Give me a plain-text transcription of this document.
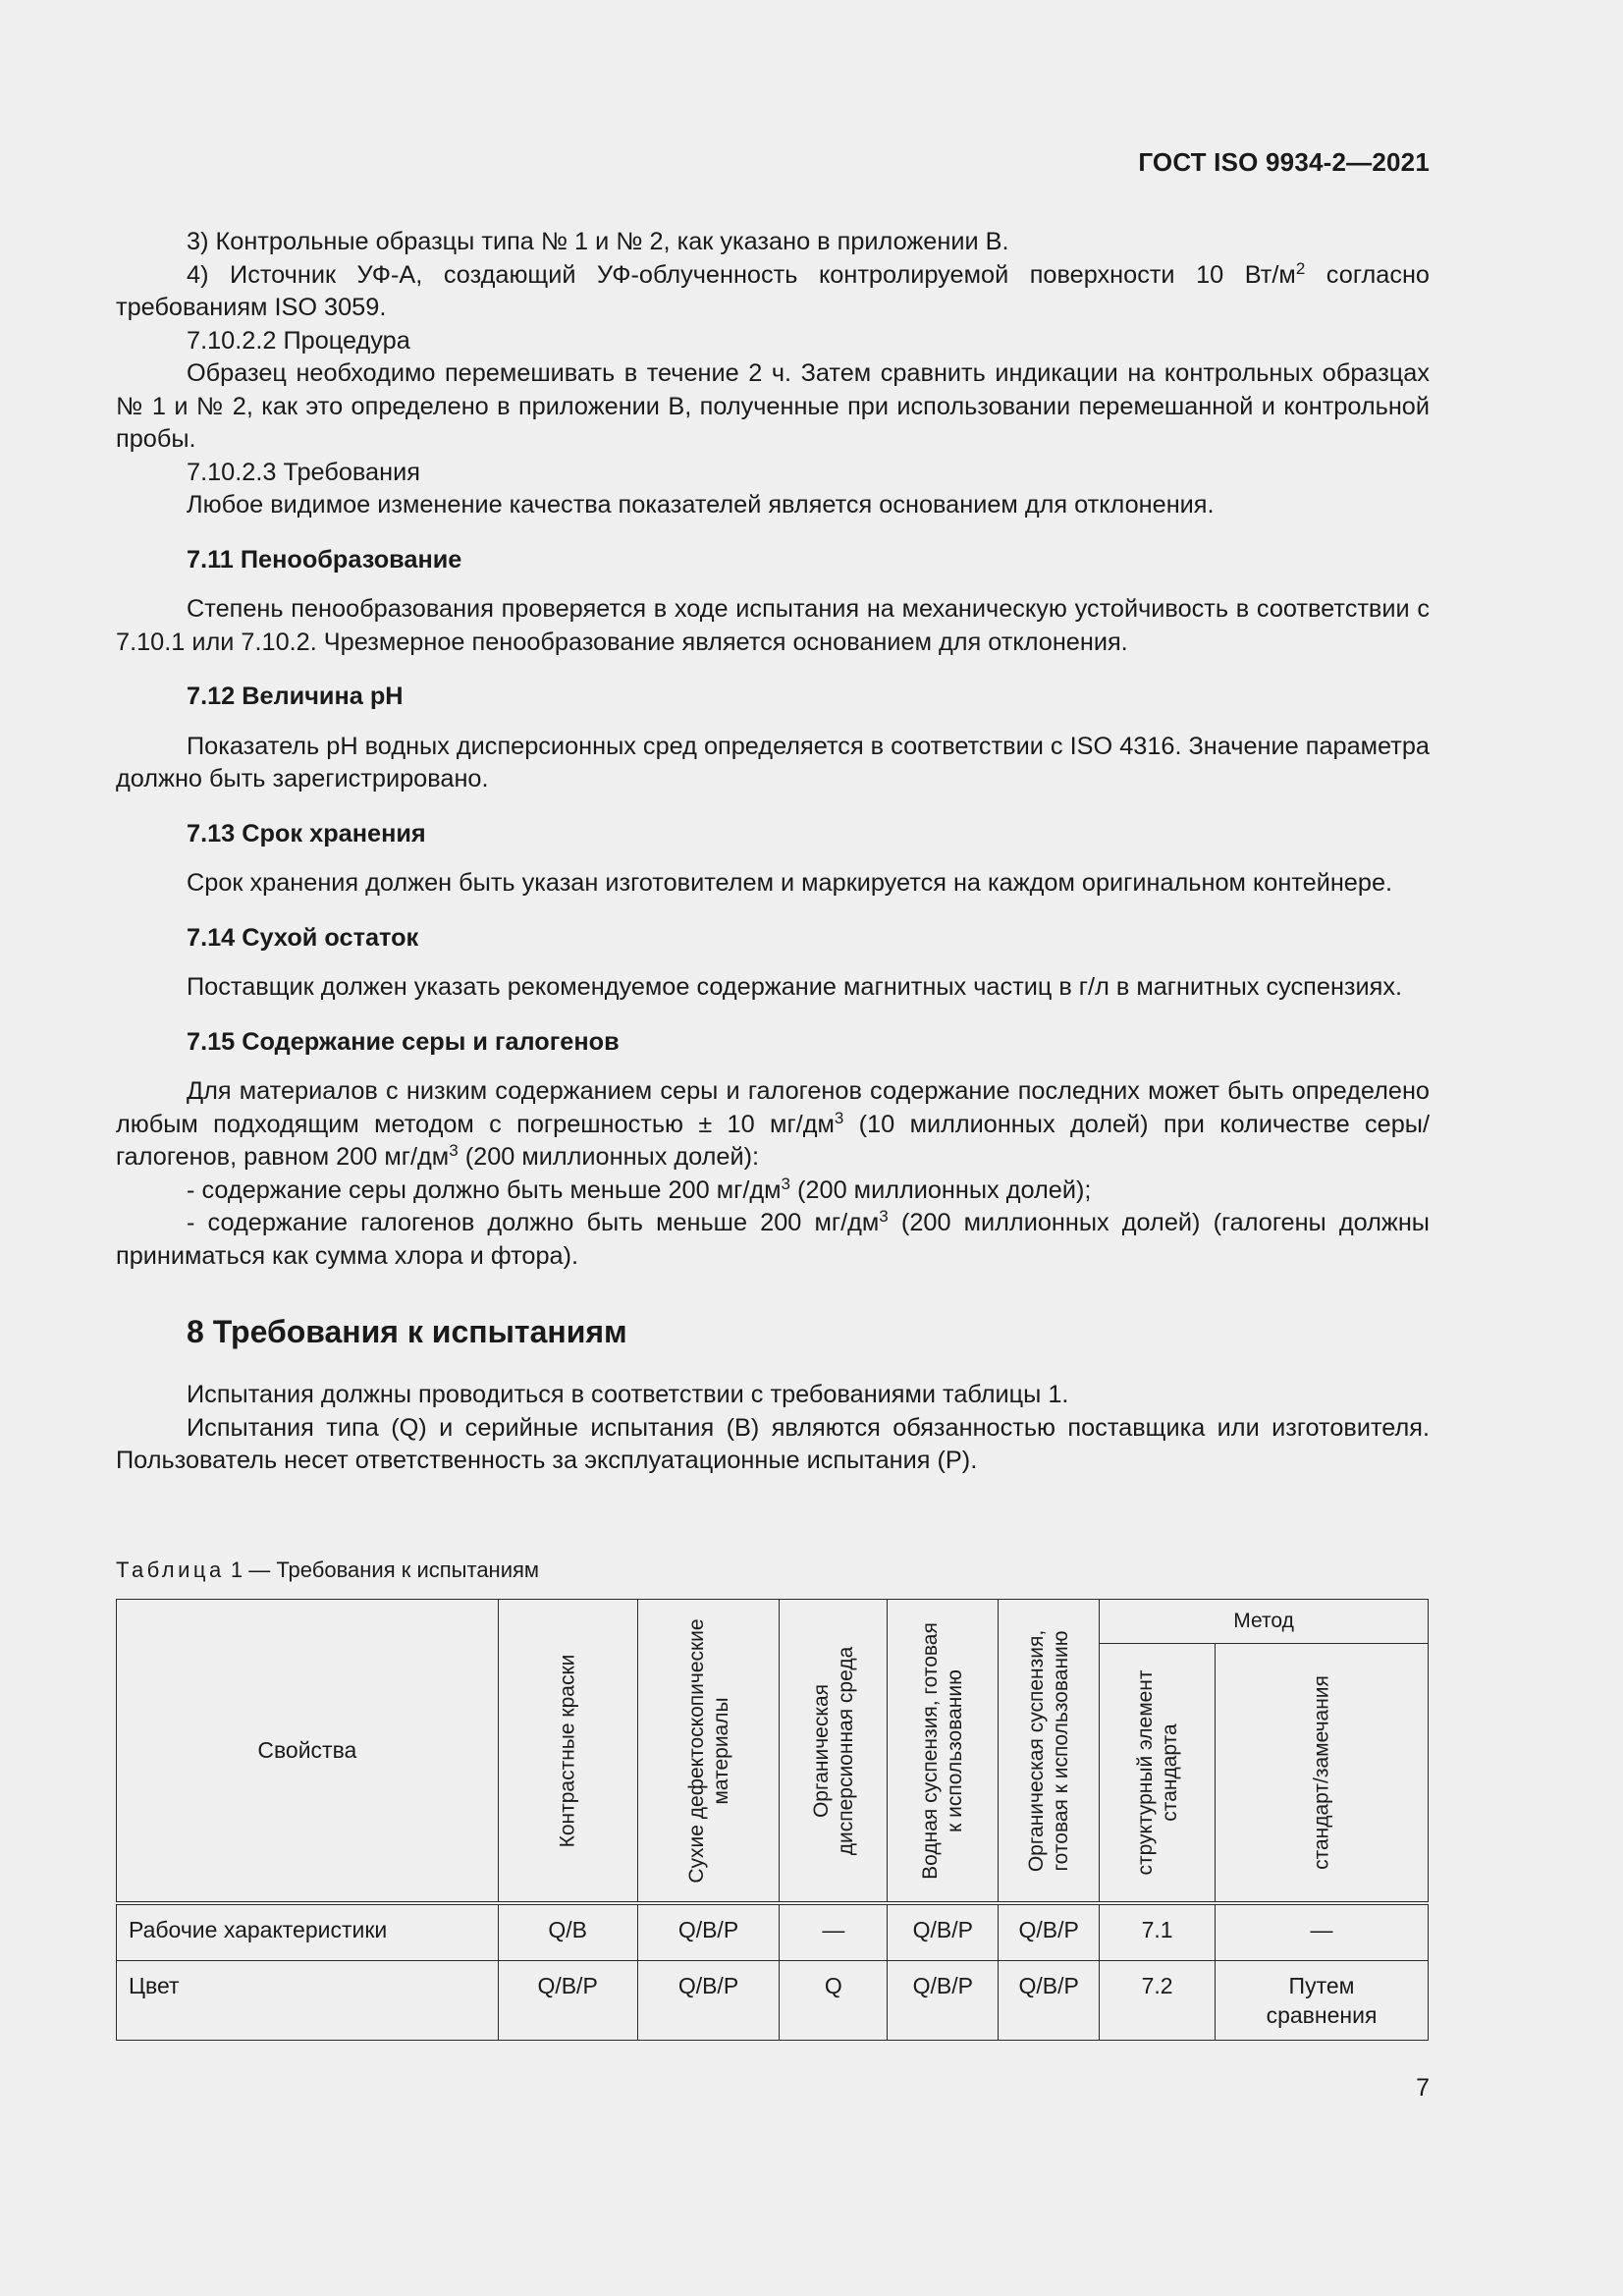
ГОСТ ISO 9934-2—2021

3) Контрольные образцы типа № 1 и № 2, как указано в приложении В.

4) Источник УФ-А, создающий УФ-облученность контролируемой поверхности 10 $Вт/м^2$ согласно требованиям ISO 3059.

7.10.2.2 Процедура

Образец необходимо перемешивать в течение 2 ч. Затем сравнить индикации на контрольных образцах № 1 и № 2, как это определено в приложении В, полученные при использовании перемешанной и контрольной пробы.

7.10.2.3 Требования

Любое видимое изменение качества показателей является основанием для отклонения.

7.11 Пенообразование

Степень пенообразования проверяется в ходе испытания на механическую устойчивость в соответствии с 7.10.1 или 7.10.2. Чрезмерное пенообразование является основанием для отклонения.

7.12 Величина pH

Показатель pH водных дисперсионных сред определяется в соответствии с ISO 4316. Значение параметра должно быть зарегистрировано.

7.13 Срок хранения

Срок хранения должен быть указан изготовителем и маркируется на каждом оригинальном контейнере.

7.14 Сухой остаток

Поставщик должен указать рекомендуемое содержание магнитных частиц в г/л в магнитных суспензиях.

7.15 Содержание серы и галогенов

Для материалов с низким содержанием серы и галогенов содержание последних может быть определено любым подходящим методом с погрешностью ± 10 $мг/дм^3$ (10 миллионных долей) при количестве серы/галогенов, равном 200 $мг/дм^3$ (200 миллионных долей):

- содержание серы должно быть меньше 200 $мг/дм^3$ (200 миллионных долей);

- содержание галогенов должно быть меньше 200 $мг/дм^3$ (200 миллионных долей) (галогены должны приниматься как сумма хлора и фтора).

8 Требования к испытаниям

Испытания должны проводиться в соответствии с требованиями таблицы 1.

Испытания типа (Q) и серийные испытания (В) являются обязанностью поставщика или изготовителя. Пользователь несет ответственность за эксплуатационные испытания (Р).

Таблица 1 — Требования к испытаниям
Свойства	Контрастные краски	Сухие дефектоскопические
материалы	Органическая
дисперсионная среда	Водная суспензия, готовая
к использованию	Органическая суспензия,
готовая к использованию	Метод	

						структурный элемент
стандарта	стандарт/замечания

Рабочие характеристики	Q/B	Q/B/P	—	Q/B/P	Q/B/P	7.1	—
Цвет	Q/B/P	Q/B/P	Q	Q/B/P	Q/B/P	7.2	Путем сравнения
7
